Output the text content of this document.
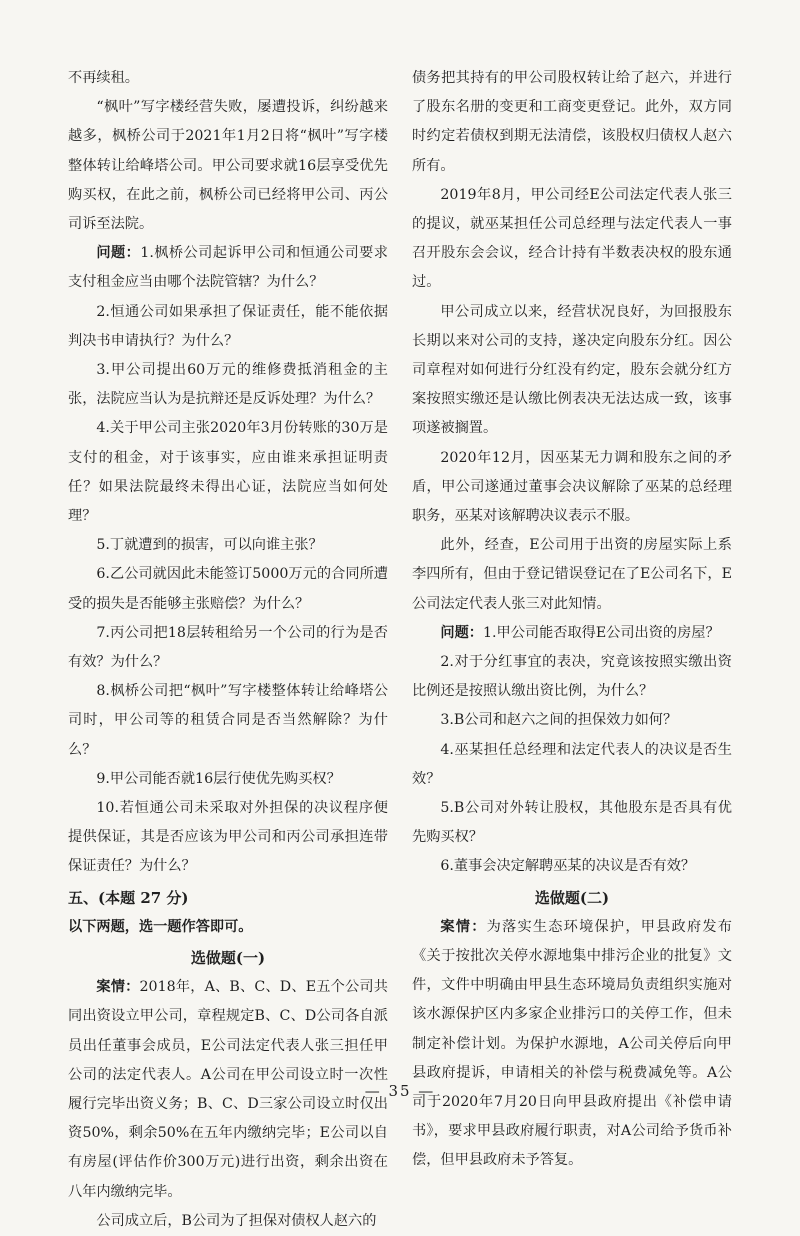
不再续租。

“枫叶”写字楼经营失败，屡遭投诉，纠纷越来越多，枫桥公司于2021年1月2日将“枫叶”写字楼整体转让给峰塔公司。甲公司要求就16层享受优先购买权，在此之前，枫桥公司已经将甲公司、丙公司诉至法院。

问题：1.枫桥公司起诉甲公司和恒通公司要求支付租金应当由哪个法院管辖？为什么？

2.恒通公司如果承担了保证责任，能不能依据判决书申请执行？为什么？

3.甲公司提出60万元的维修费抵消租金的主张，法院应当认为是抗辩还是反诉处理？为什么？

4.关于甲公司主张2020年3月份转账的30万是支付的租金，对于该事实，应由谁来承担证明责任？如果法院最终未得出心证，法院应当如何处理？

5.丁就遭到的损害，可以向谁主张？

6.乙公司就因此未能签订5000万元的合同所遭受的损失是否能够主张赔偿？为什么？

7.丙公司把18层转租给另一个公司的行为是否有效？为什么？

8.枫桥公司把“枫叶”写字楼整体转让给峰塔公司时，甲公司等的租赁合同是否当然解除？为什么？

9.甲公司能否就16层行使优先购买权？

10.若恒通公司未采取对外担保的决议程序便提供保证，其是否应该为甲公司和丙公司承担连带保证责任？为什么？

五、(本题 27 分)

以下两题，选一题作答即可。

选做题(一)

案情：2018年，A、B、C、D、E五个公司共同出资设立甲公司，章程规定B、C、D公司各自派员出任董事会成员，E公司法定代表人张三担任甲公司的法定代表人。A公司在甲公司设立时一次性履行完毕出资义务；B、C、D三家公司设立时仅出资50%，剩余50%在五年内缴纳完毕；E公司以自有房屋(评估作价300万元)进行出资，剩余出资在八年内缴纳完毕。

公司成立后，B公司为了担保对债权人赵六的

债务把其持有的甲公司股权转让给了赵六，并进行了股东名册的变更和工商变更登记。此外，双方同时约定若债权到期无法清偿，该股权归债权人赵六所有。

2019年8月，甲公司经E公司法定代表人张三的提议，就巫某担任公司总经理与法定代表人一事召开股东会会议，经合计持有半数表决权的股东通过。

甲公司成立以来，经营状况良好，为回报股东长期以来对公司的支持，遂决定向股东分红。因公司章程对如何进行分红没有约定，股东会就分红方案按照实缴还是认缴比例表决无法达成一致，该事项遂被搁置。

2020年12月，因巫某无力调和股东之间的矛盾，甲公司遂通过董事会决议解除了巫某的总经理职务，巫某对该解聘决议表示不服。

此外，经查，E公司用于出资的房屋实际上系李四所有，但由于登记错误登记在了E公司名下，E公司法定代表人张三对此知情。

问题：1.甲公司能否取得E公司出资的房屋？

2.对于分红事宜的表决，究竟该按照实缴出资比例还是按照认缴出资比例，为什么？

3.B公司和赵六之间的担保效力如何？

4.巫某担任总经理和法定代表人的决议是否生效？

5.B公司对外转让股权，其他股东是否具有优先购买权？

6.董事会决定解聘巫某的决议是否有效？

选做题(二)

案情：为落实生态环境保护，甲县政府发布《关于按批次关停水源地集中排污企业的批复》文件，文件中明确由甲县生态环境局负责组织实施对该水源保护区内多家企业排污口的关停工作，但未制定补偿计划。为保护水源地，A公司关停后向甲县政府提诉，申请相关的补偿与税费减免等。A公司于2020年7月20日向甲县政府提出《补偿申请书》，要求甲县政府履行职责，对A公司给予货币补偿，但甲县政府未予答复。

— 35 —
